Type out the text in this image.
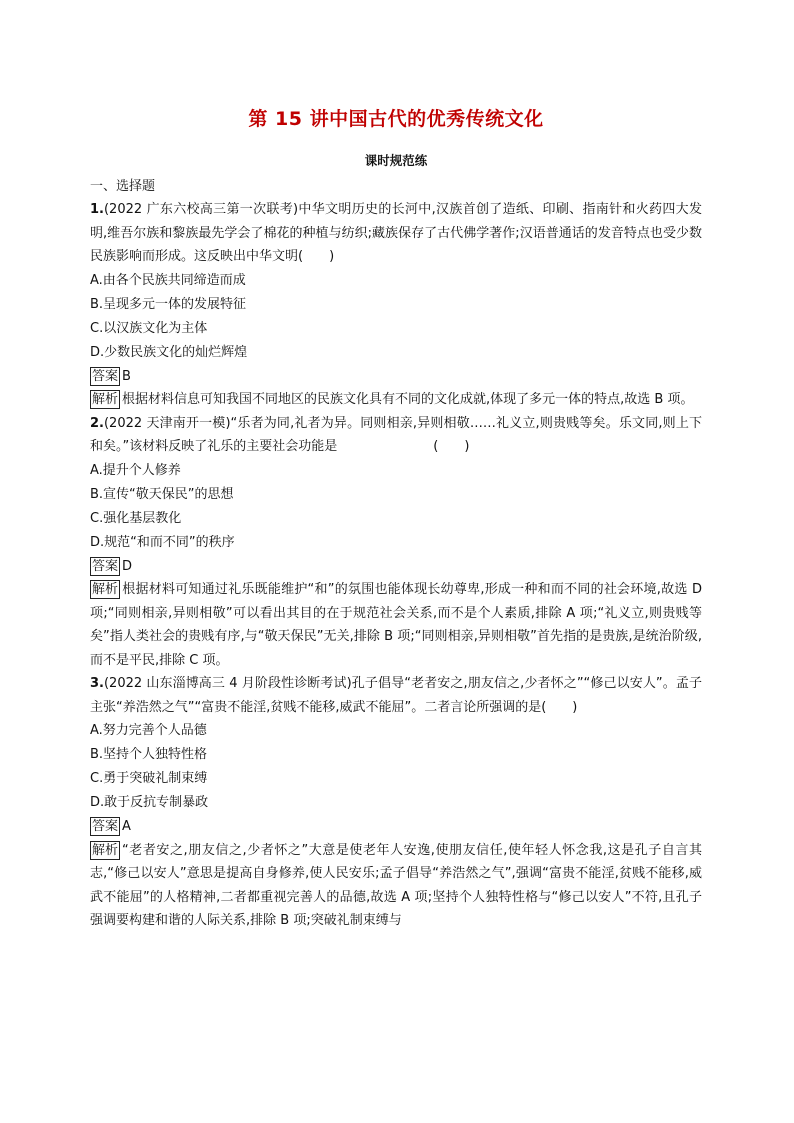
第 15 讲中国古代的优秀传统文化
课时规范练
一、选择题

1.(2022 广东六校高三第一次联考)中华文明历史的长河中,汉族首创了造纸、印刷、指南针和火药四大发明,维吾尔族和黎族最先学会了棉花的种植与纺织;藏族保存了古代佛学著作;汉语普通话的发音特点也受少数民族影响而形成。这反映出中华文明(　　)

A.由各个民族共同缔造而成

B.呈现多元一体的发展特征

C.以汉族文化为主体

D.少数民族文化的灿烂辉煌

答案 B

解析 根据材料信息可知我国不同地区的民族文化具有不同的文化成就,体现了多元一体的特点,故选 B 项。

2.(2022 天津南开一模)“乐者为同,礼者为异。同则相亲,异则相敬……礼义立,则贵贱等矣。乐文同,则上下和矣。”该材料反映了礼乐的主要社会功能是	(　　)

A.提升个人修养

B.宣传“敬天保民”的思想

C.强化基层教化

D.规范“和而不同”的秩序

答案 D

解析 根据材料可知通过礼乐既能维护“和”的氛围也能体现长幼尊卑,形成一种和而不同的社会环境,故选 D 项;“同则相亲,异则相敬”可以看出其目的在于规范社会关系,而不是个人素质,排除 A 项;“礼义立,则贵贱等矣”指人类社会的贵贱有序,与“敬天保民”无关,排除 B 项;“同则相亲,异则相敬”首先指的是贵族,是统治阶级,而不是平民,排除 C 项。

3.(2022 山东淄博高三 4 月阶段性诊断考试)孔子倡导“老者安之,朋友信之,少者怀之”“修己以安人”。孟子主张“养浩然之气”“富贵不能淫,贫贱不能移,威武不能屈”。二者言论所强调的是(　　)

A.努力完善个人品德

B.坚持个人独特性格

C.勇于突破礼制束缚

D.敢于反抗专制暴政

答案 A

解析 “老者安之,朋友信之,少者怀之”大意是使老年人安逸,使朋友信任,使年轻人怀念我,这是孔子自言其志,“修己以安人”意思是提高自身修养,使人民安乐;孟子倡导“养浩然之气”,强调“富贵不能淫,贫贱不能移,威武不能屈”的人格精神,二者都重视完善人的品德,故选 A 项;坚持个人独特性格与“修己以安人”不符,且孔子强调要构建和谐的人际关系,排除 B 项;突破礼制束缚与
